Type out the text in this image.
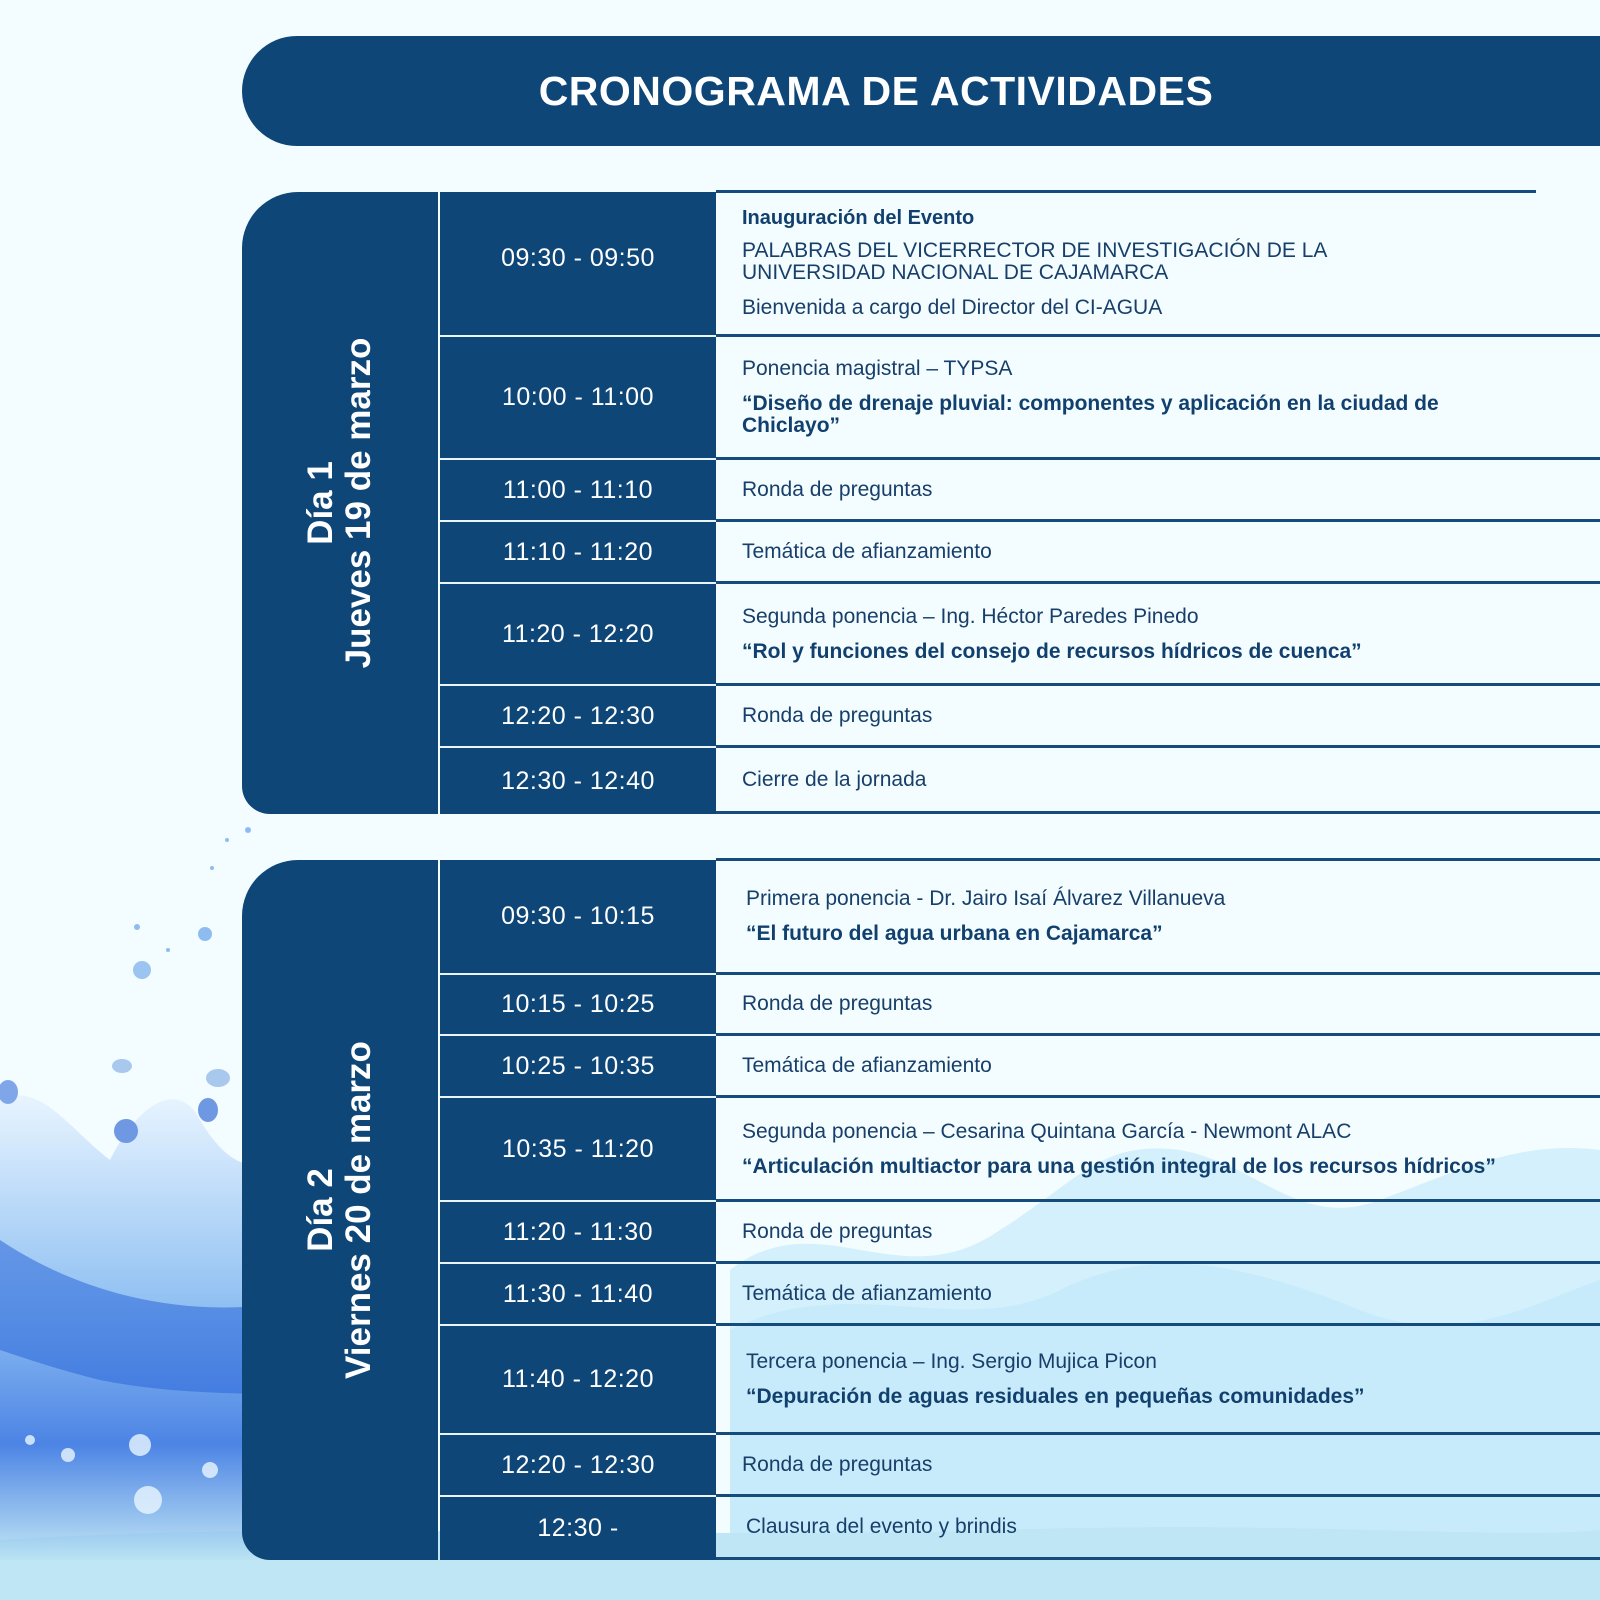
CRONOGRAMA DE ACTIVIDADES
Día 1 Jueves 19 de marzo
09:30 - 09:50
10:00 - 11:00
11:00 - 11:10
11:10 - 11:20
11:20 - 12:20
12:20 - 12:30
12:30 - 12:40
Inauguración del Evento
PALABRAS DEL VICERRECTOR DE INVESTIGACIÓN DE LA UNIVERSIDAD NACIONAL DE CAJAMARCA
Bienvenida a cargo del Director del CI-AGUA
Ponencia magistral – TYPSA
“Diseño de drenaje pluvial: componentes y aplicación en la ciudad de Chiclayo”
Ronda de preguntas
Temática de afianzamiento
Segunda ponencia – Ing. Héctor Paredes Pinedo
“Rol y funciones del consejo de recursos hídricos de cuenca”
Ronda de preguntas
Cierre de la jornada
Día 2 Viernes 20 de marzo
09:30 - 10:15
10:15 - 10:25
10:25 - 10:35
10:35 - 11:20
11:20 - 11:30
11:30 - 11:40
11:40 - 12:20
12:20 - 12:30
12:30 -
Primera ponencia - Dr. Jairo Isaí Álvarez Villanueva
“El futuro del agua urbana en Cajamarca”
Ronda de preguntas
Temática de afianzamiento
Segunda ponencia – Cesarina Quintana García - Newmont ALAC
“Articulación multiactor para una gestión integral de los recursos hídricos”
Ronda de preguntas
Temática de afianzamiento
Tercera ponencia – Ing. Sergio Mujica Picon
“Depuración de aguas residuales en pequeñas comunidades”
Ronda de preguntas
Clausura del evento y brindis
